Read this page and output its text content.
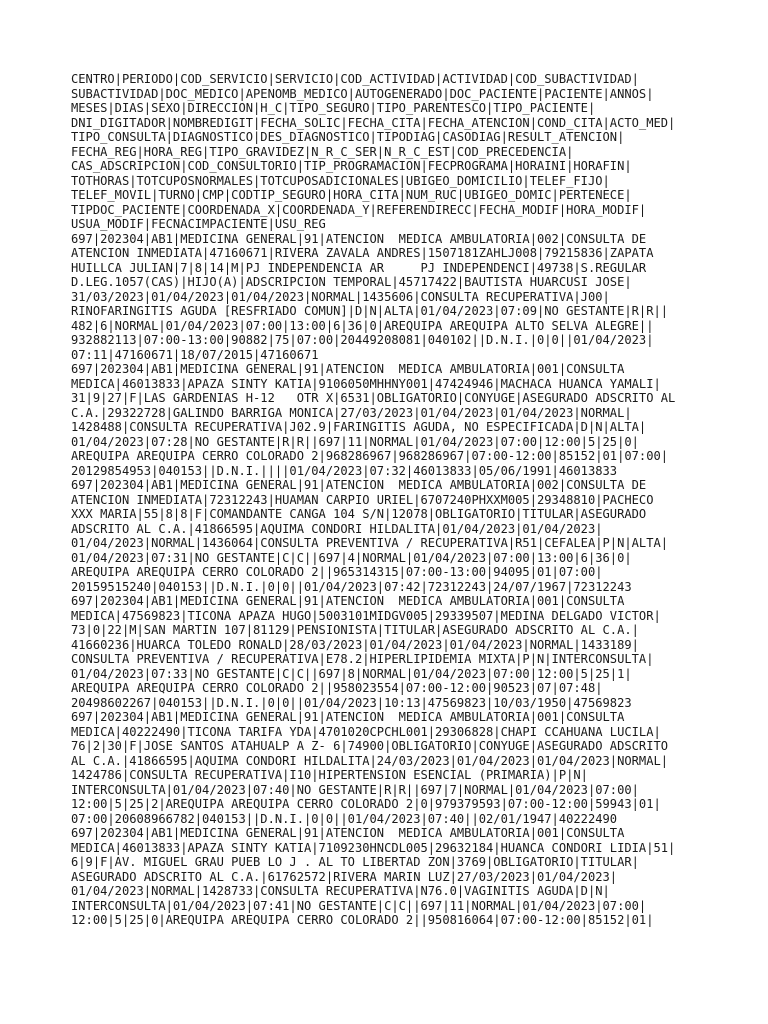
CENTRO|PERIODO|COD_SERVICIO|SERVICIO|COD_ACTIVIDAD|ACTIVIDAD|COD_SUBACTIVIDAD|
SUBACTIVIDAD|DOC_MEDICO|APENOMB_MEDICO|AUTOGENERADO|DOC_PACIENTE|PACIENTE|ANNOS|
MESES|DIAS|SEXO|DIRECCION|H_C|TIPO_SEGURO|TIPO_PARENTESCO|TIPO_PACIENTE|
DNI_DIGITADOR|NOMBREDIGIT|FECHA_SOLIC|FECHA_CITA|FECHA_ATENCION|COND_CITA|ACTO_MED|
TIPO_CONSULTA|DIAGNOSTICO|DES_DIAGNOSTICO|TIPODIAG|CASODIAG|RESULT_ATENCION|
FECHA_REG|HORA_REG|TIPO_GRAVIDEZ|N_R_C_SER|N_R_C_EST|COD_PRECEDENCIA|
CAS_ADSCRIPCION|COD_CONSULTORIO|TIP_PROGRAMACION|FECPROGRAMA|HORAINI|HORAFIN|
TOTHORAS|TOTCUPOSNORMALES|TOTCUPOSADICIONALES|UBIGEO_DOMICILIO|TELEF_FIJO|
TELEF_MOVIL|TURNO|CMP|CODTIP_SEGURO|HORA_CITA|NUM_RUC|UBIGEO_DOMIC|PERTENECE|
TIPDOC_PACIENTE|COORDENADA_X|COORDENADA_Y|REFERENDIRECC|FECHA_MODIF|HORA_MODIF|
USUA_MODIF|FECNACIMPACIENTE|USU_REG
697|202304|AB1|MEDICINA GENERAL|91|ATENCION  MEDICA AMBULATORIA|002|CONSULTA DE
ATENCION INMEDIATA|47160671|RIVERA ZAVALA ANDRES|1507181ZAHLJ008|79215836|ZAPATA
HUILLCA JULIAN|7|8|14|M|PJ INDEPENDENCIA AR     PJ INDEPENDENCI|49738|S.REGULAR
D.LEG.1057(CAS)|HIJO(A)|ADSCRIPCION TEMPORAL|45717422|BAUTISTA HUARCUSI JOSE|
31/03/2023|01/04/2023|01/04/2023|NORMAL|1435606|CONSULTA RECUPERATIVA|J00|
RINOFARINGITIS AGUDA [RESFRIADO COMUN]|D|N|ALTA|01/04/2023|07:09|NO GESTANTE|R|R||
482|6|NORMAL|01/04/2023|07:00|13:00|6|36|0|AREQUIPA AREQUIPA ALTO SELVA ALEGRE||
932882113|07:00-13:00|90882|75|07:00|20449208081|040102||D.N.I.|0|0||01/04/2023|
07:11|47160671|18/07/2015|47160671
697|202304|AB1|MEDICINA GENERAL|91|ATENCION  MEDICA AMBULATORIA|001|CONSULTA
MEDICA|46013833|APAZA SINTY KATIA|9106050MHHNY001|47424946|MACHACA HUANCA YAMALI|
31|9|27|F|LAS GARDENIAS H-12   OTR X|6531|OBLIGATORIO|CONYUGE|ASEGURADO ADSCRITO AL
C.A.|29322728|GALINDO BARRIGA MONICA|27/03/2023|01/04/2023|01/04/2023|NORMAL|
1428488|CONSULTA RECUPERATIVA|J02.9|FARINGITIS AGUDA, NO ESPECIFICADA|D|N|ALTA|
01/04/2023|07:28|NO GESTANTE|R|R||697|11|NORMAL|01/04/2023|07:00|12:00|5|25|0|
AREQUIPA AREQUIPA CERRO COLORADO 2|968286967|968286967|07:00-12:00|85152|01|07:00|
20129854953|040153||D.N.I.||||01/04/2023|07:32|46013833|05/06/1991|46013833
697|202304|AB1|MEDICINA GENERAL|91|ATENCION  MEDICA AMBULATORIA|002|CONSULTA DE
ATENCION INMEDIATA|72312243|HUAMAN CARPIO URIEL|6707240PHXXM005|29348810|PACHECO
XXX MARIA|55|8|8|F|COMANDANTE CANGA 104 S/N|12078|OBLIGATORIO|TITULAR|ASEGURADO
ADSCRITO AL C.A.|41866595|AQUIMA CONDORI HILDALITA|01/04/2023|01/04/2023|
01/04/2023|NORMAL|1436064|CONSULTA PREVENTIVA / RECUPERATIVA|R51|CEFALEA|P|N|ALTA|
01/04/2023|07:31|NO GESTANTE|C|C||697|4|NORMAL|01/04/2023|07:00|13:00|6|36|0|
AREQUIPA AREQUIPA CERRO COLORADO 2||965314315|07:00-13:00|94095|01|07:00|
20159515240|040153||D.N.I.|0|0||01/04/2023|07:42|72312243|24/07/1967|72312243
697|202304|AB1|MEDICINA GENERAL|91|ATENCION  MEDICA AMBULATORIA|001|CONSULTA
MEDICA|47569823|TICONA APAZA HUGO|5003101MIDGV005|29339507|MEDINA DELGADO VICTOR|
73|0|22|M|SAN MARTIN 107|81129|PENSIONISTA|TITULAR|ASEGURADO ADSCRITO AL C.A.|
41660236|HUARCA TOLEDO RONALD|28/03/2023|01/04/2023|01/04/2023|NORMAL|1433189|
CONSULTA PREVENTIVA / RECUPERATIVA|E78.2|HIPERLIPIDEMIA MIXTA|P|N|INTERCONSULTA|
01/04/2023|07:33|NO GESTANTE|C|C||697|8|NORMAL|01/04/2023|07:00|12:00|5|25|1|
AREQUIPA AREQUIPA CERRO COLORADO 2||958023554|07:00-12:00|90523|07|07:48|
20498602267|040153||D.N.I.|0|0||01/04/2023|10:13|47569823|10/03/1950|47569823
697|202304|AB1|MEDICINA GENERAL|91|ATENCION  MEDICA AMBULATORIA|001|CONSULTA
MEDICA|40222490|TICONA TARIFA YDA|4701020CPCHL001|29306828|CHAPI CCAHUANA LUCILA|
76|2|30|F|JOSE SANTOS ATAHUALP A Z- 6|74900|OBLIGATORIO|CONYUGE|ASEGURADO ADSCRITO
AL C.A.|41866595|AQUIMA CONDORI HILDALITA|24/03/2023|01/04/2023|01/04/2023|NORMAL|
1424786|CONSULTA RECUPERATIVA|I10|HIPERTENSION ESENCIAL (PRIMARIA)|P|N|
INTERCONSULTA|01/04/2023|07:40|NO GESTANTE|R|R||697|7|NORMAL|01/04/2023|07:00|
12:00|5|25|2|AREQUIPA AREQUIPA CERRO COLORADO 2|0|979379593|07:00-12:00|59943|01|
07:00|20608966782|040153||D.N.I.|0|0||01/04/2023|07:40||02/01/1947|40222490
697|202304|AB1|MEDICINA GENERAL|91|ATENCION  MEDICA AMBULATORIA|001|CONSULTA
MEDICA|46013833|APAZA SINTY KATIA|7109230HNCDL005|29632184|HUANCA CONDORI LIDIA|51|
6|9|F|AV. MIGUEL GRAU PUEB LO J . AL TO LIBERTAD ZON|3769|OBLIGATORIO|TITULAR|
ASEGURADO ADSCRITO AL C.A.|61762572|RIVERA MARIN LUZ|27/03/2023|01/04/2023|
01/04/2023|NORMAL|1428733|CONSULTA RECUPERATIVA|N76.0|VAGINITIS AGUDA|D|N|
INTERCONSULTA|01/04/2023|07:41|NO GESTANTE|C|C||697|11|NORMAL|01/04/2023|07:00|
12:00|5|25|0|AREQUIPA AREQUIPA CERRO COLORADO 2||950816064|07:00-12:00|85152|01|
